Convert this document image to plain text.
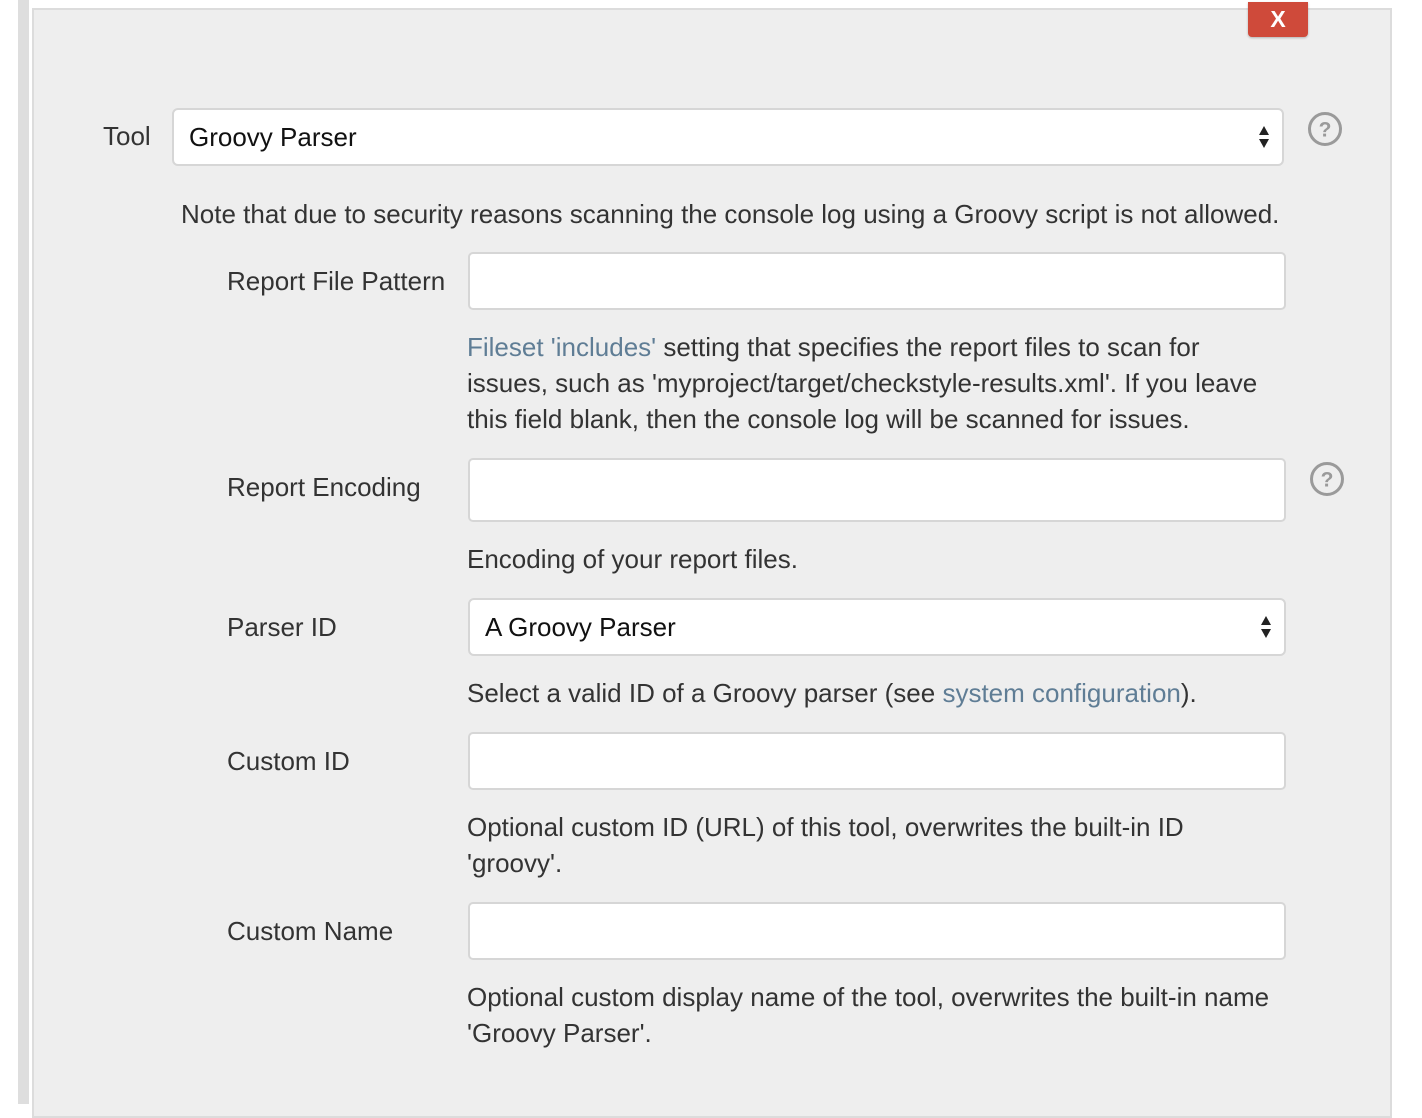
X
Tool Groovy Parser	?
Note that due to security reasons scanning the console log using a Groovy script is not allowed.
Report File Pattern
Fileset 'includes' setting that specifies the report files to scan for issues, such as 'myproject/target/checkstyle-results.xml'. If you leave this field blank, then the console log will be scanned for issues.
Report Encoding	?
Encoding of your report files.
Parser ID	A Groovy Parser
Select a valid ID of a Groovy parser (see system configuration).
Custom ID
Optional custom ID (URL) of this tool, overwrites the built-in ID 'groovy'.
Custom Name
Optional custom display name of the tool, overwrites the built-in name 'Groovy Parser'.
